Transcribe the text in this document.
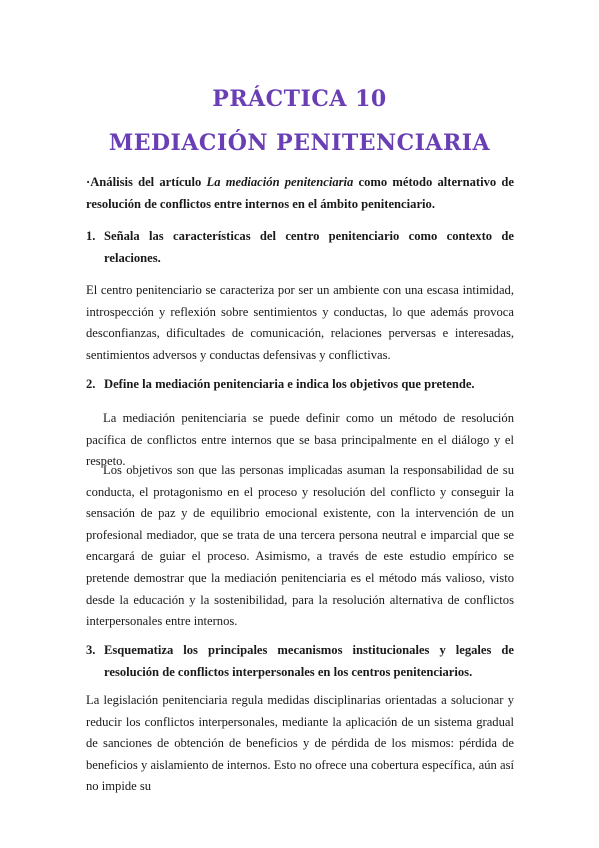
PRÁCTICA 10
MEDIACIÓN PENITENCIARIA

·Análisis del artículo La mediación penitenciaria como método alternativo de resolución de conflictos entre internos en el ámbito penitenciario.

1. Señala las características del centro penitenciario como contexto de relaciones.

El centro penitenciario se caracteriza por ser un ambiente con una escasa intimidad, introspección y reflexión sobre sentimientos y conductas, lo que además provoca desconfianzas, dificultades de comunicación, relaciones perversas e interesadas, sentimientos adversos y conductas defensivas y conflictivas.

2. Define la mediación penitenciaria e indica los objetivos que pretende.

La mediación penitenciaria se puede definir como un método de resolución pacífica de conflictos entre internos que se basa principalmente en el diálogo y el respeto.

Los objetivos son que las personas implicadas asuman la responsabilidad de su conducta, el protagonismo en el proceso y resolución del conflicto y conseguir la sensación de paz y de equilibrio emocional existente, con la intervención de un profesional mediador, que se trata de una tercera persona neutral e imparcial que se encargará de guiar el proceso. Asimismo, a través de este estudio empírico se pretende demostrar que la mediación penitenciaria es el método más valioso, visto desde la educación y la sostenibilidad, para la resolución alternativa de conflictos interpersonales entre internos.

3. Esquematiza los principales mecanismos institucionales y legales de resolución de conflictos interpersonales en los centros penitenciarios.

La legislación penitenciaria regula medidas disciplinarias orientadas a solucionar y reducir los conflictos interpersonales, mediante la aplicación de un sistema gradual de sanciones de obtención de beneficios y de pérdida de los mismos: pérdida de beneficios y aislamiento de internos. Esto no ofrece una cobertura específica, aún así no impide su
